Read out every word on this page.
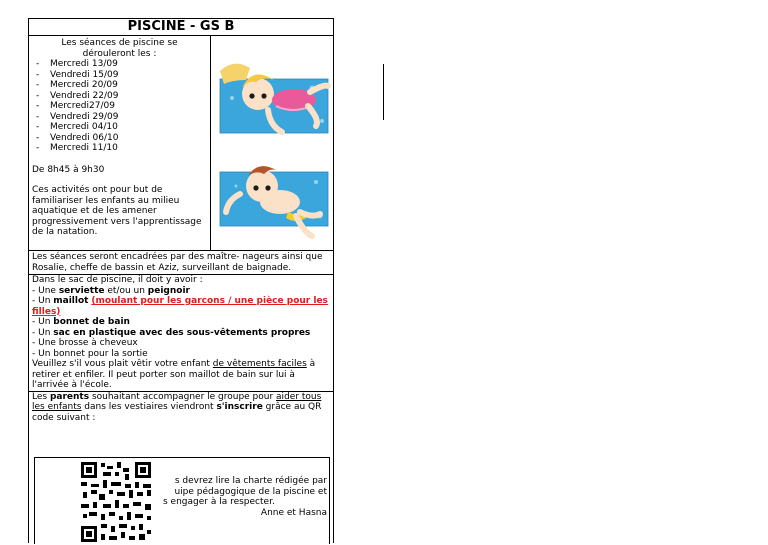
PISCINE - GS B
Les séances de piscine se
dérouleront les :
- Mercredi 13/09
- Vendredi 15/09
- Mercredi 20/09
- Vendredi 22/09
- Mercredi27/09
- Vendredi 29/09
- Mercredi 04/10
- Vendredi 06/10
- Mercredi 11/10
De 8h45 à 9h30
Ces activités ont pour but de familiariser les enfants au milieu aquatique et de les amener progressivement vers l'apprentissage de la natation.
Les séances seront encadrées par des maître- nageurs ainsi que Rosalie, cheffe de bassin et Aziz, surveillant de baignade.
Dans le sac de piscine, il doit y avoir :
- Une serviette et/ou un peignoir
- Un maillot (moulant pour les garcons / une pièce pour les filles)
- Un bonnet de bain
- Un sac en plastique avec des sous-vêtements propres
- Une brosse à cheveux
- Un bonnet pour la sortie
Veuillez s'il vous plait vêtir votre enfant de vêtements faciles à retirer et enfiler. Il peut porter son maillot de bain sur lui à l'arrivée à l'école.
Les parents souhaitant accompagner le groupe pour aider tous les enfants dans les vestiaires viendront s'inscrire grâce au QR code suivant :
s devrez lire la charte rédigée par
uipe pédagogique de la piscine et
s engager à la respecter.
Anne et Hasna
